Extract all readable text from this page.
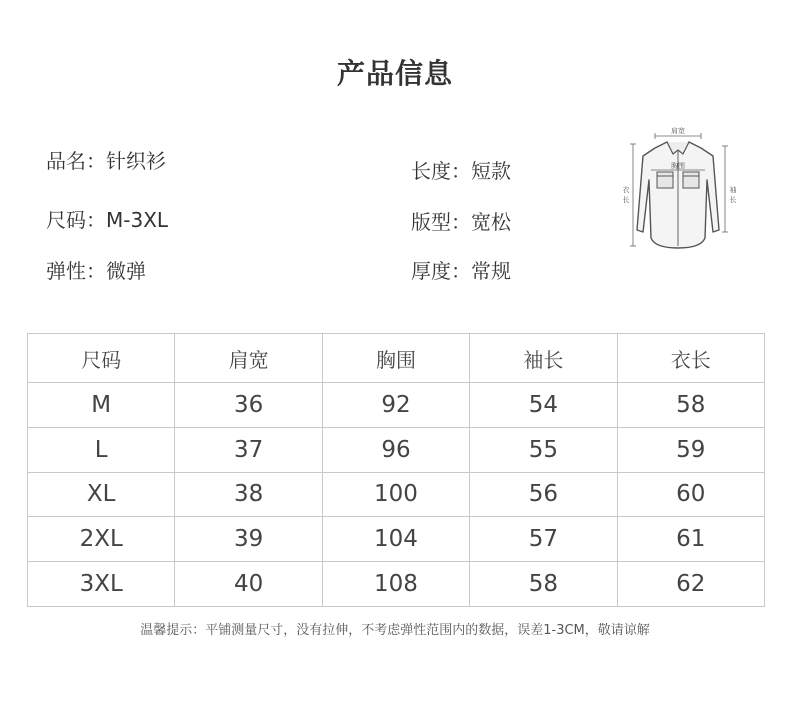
产品信息
品名：针织衫
尺码：M-3XL
弹性：微弹
长度：短款
版型：宽松
厚度：常规
肩宽
胸围
衣
长
袖
长
尺码	肩宽	胸围	袖长	衣长
M	36	92	54	58
L	37	96	55	59
XL	38	100	56	60
2XL	39	104	57	61
3XL	40	108	58	62
温馨提示：平铺测量尺寸，没有拉伸，不考虑弹性范围内的数据，误差1-3CM，敬请谅解
